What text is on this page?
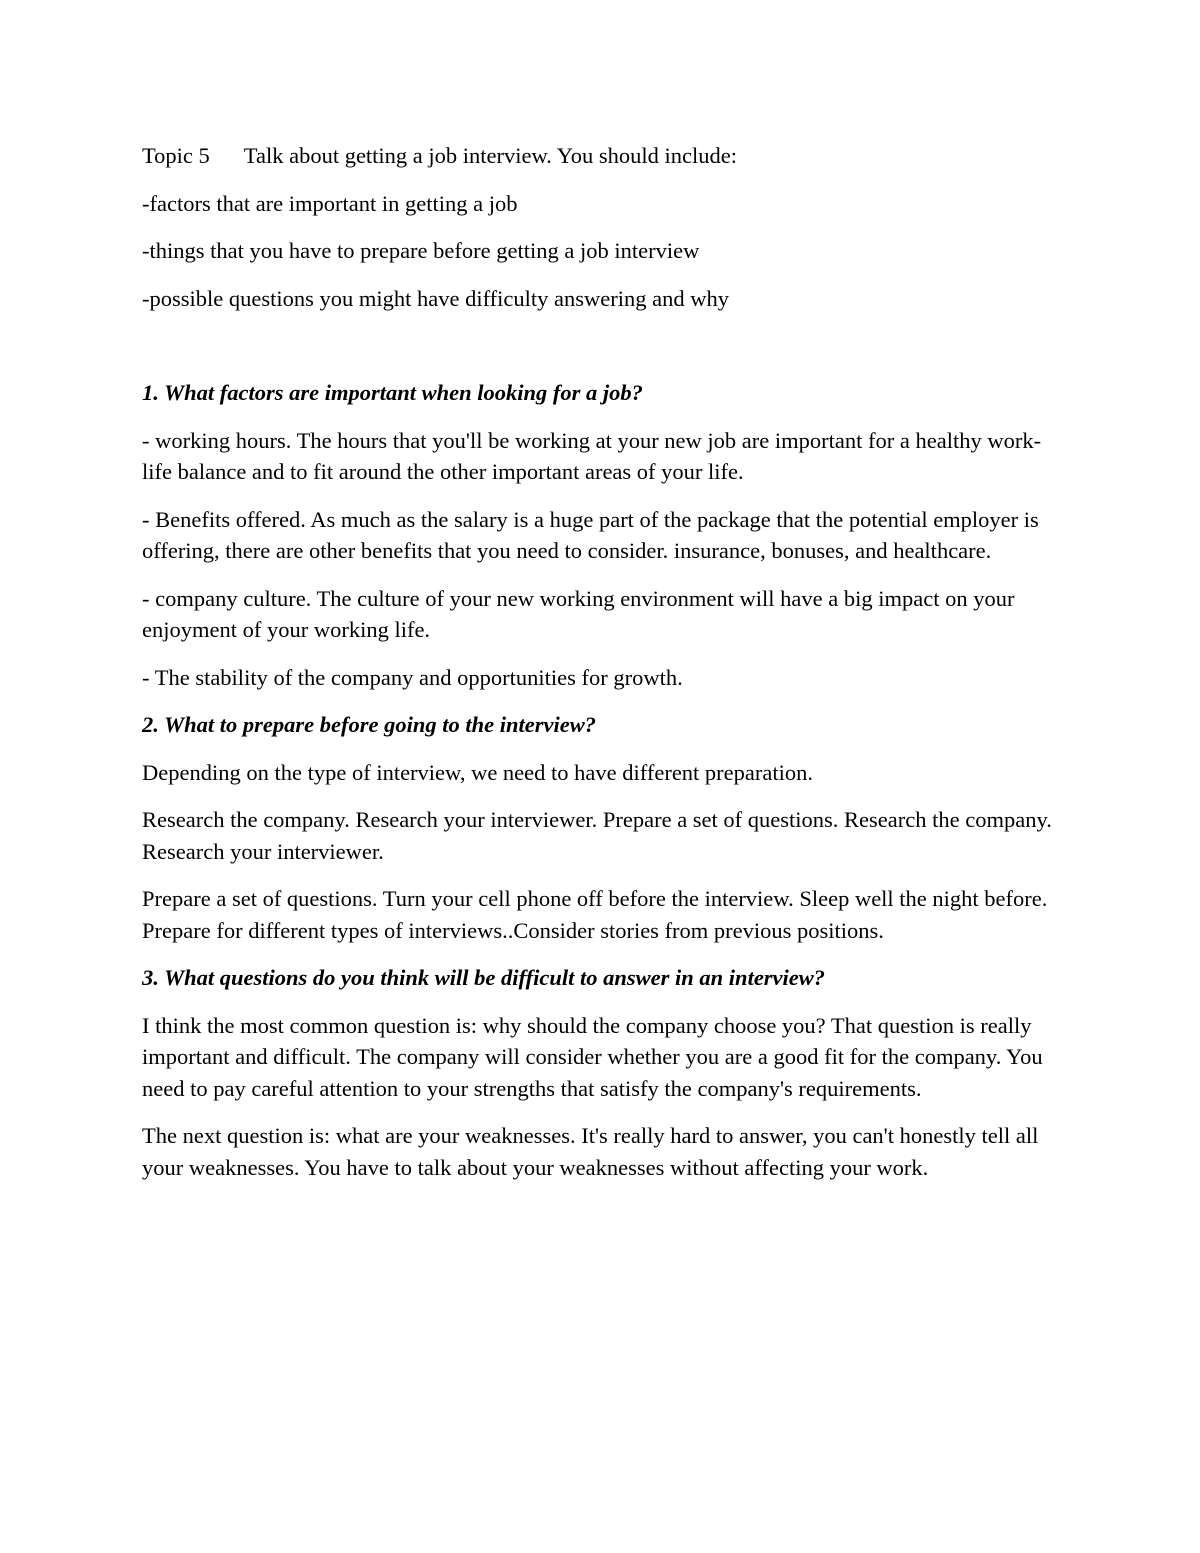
Topic 5 Talk about getting a job interview. You should include:

-factors that are important in getting a job

-things that you have to prepare before getting a job interview

-possible questions you might have difficulty answering and why

1. What factors are important when looking for a job?

- working hours. The hours that you'll be working at your new job are important for a healthy work-life balance and to fit around the other important areas of your life.

- Benefits offered. As much as the salary is a huge part of the package that the potential employer is offering, there are other benefits that you need to consider. insurance, bonuses, and healthcare.

- company culture. The culture of your new working environment will have a big impact on your enjoyment of your working life.

- The stability of the company and opportunities for growth.

2. What to prepare before going to the interview?

Depending on the type of interview, we need to have different preparation.

Research the company. Research your interviewer. Prepare a set of questions. Research the company. Research your interviewer.

Prepare a set of questions. Turn your cell phone off before the interview. Sleep well the night before. Prepare for different types of interviews..Consider stories from previous positions.

3. What questions do you think will be difficult to answer in an interview?

I think the most common question is: why should the company choose you? That question is really important and difficult. The company will consider whether you are a good fit for the company. You need to pay careful attention to your strengths that satisfy the company's requirements.

The next question is: what are your weaknesses. It's really hard to answer, you can't honestly tell all your weaknesses. You have to talk about your weaknesses without affecting your work.
